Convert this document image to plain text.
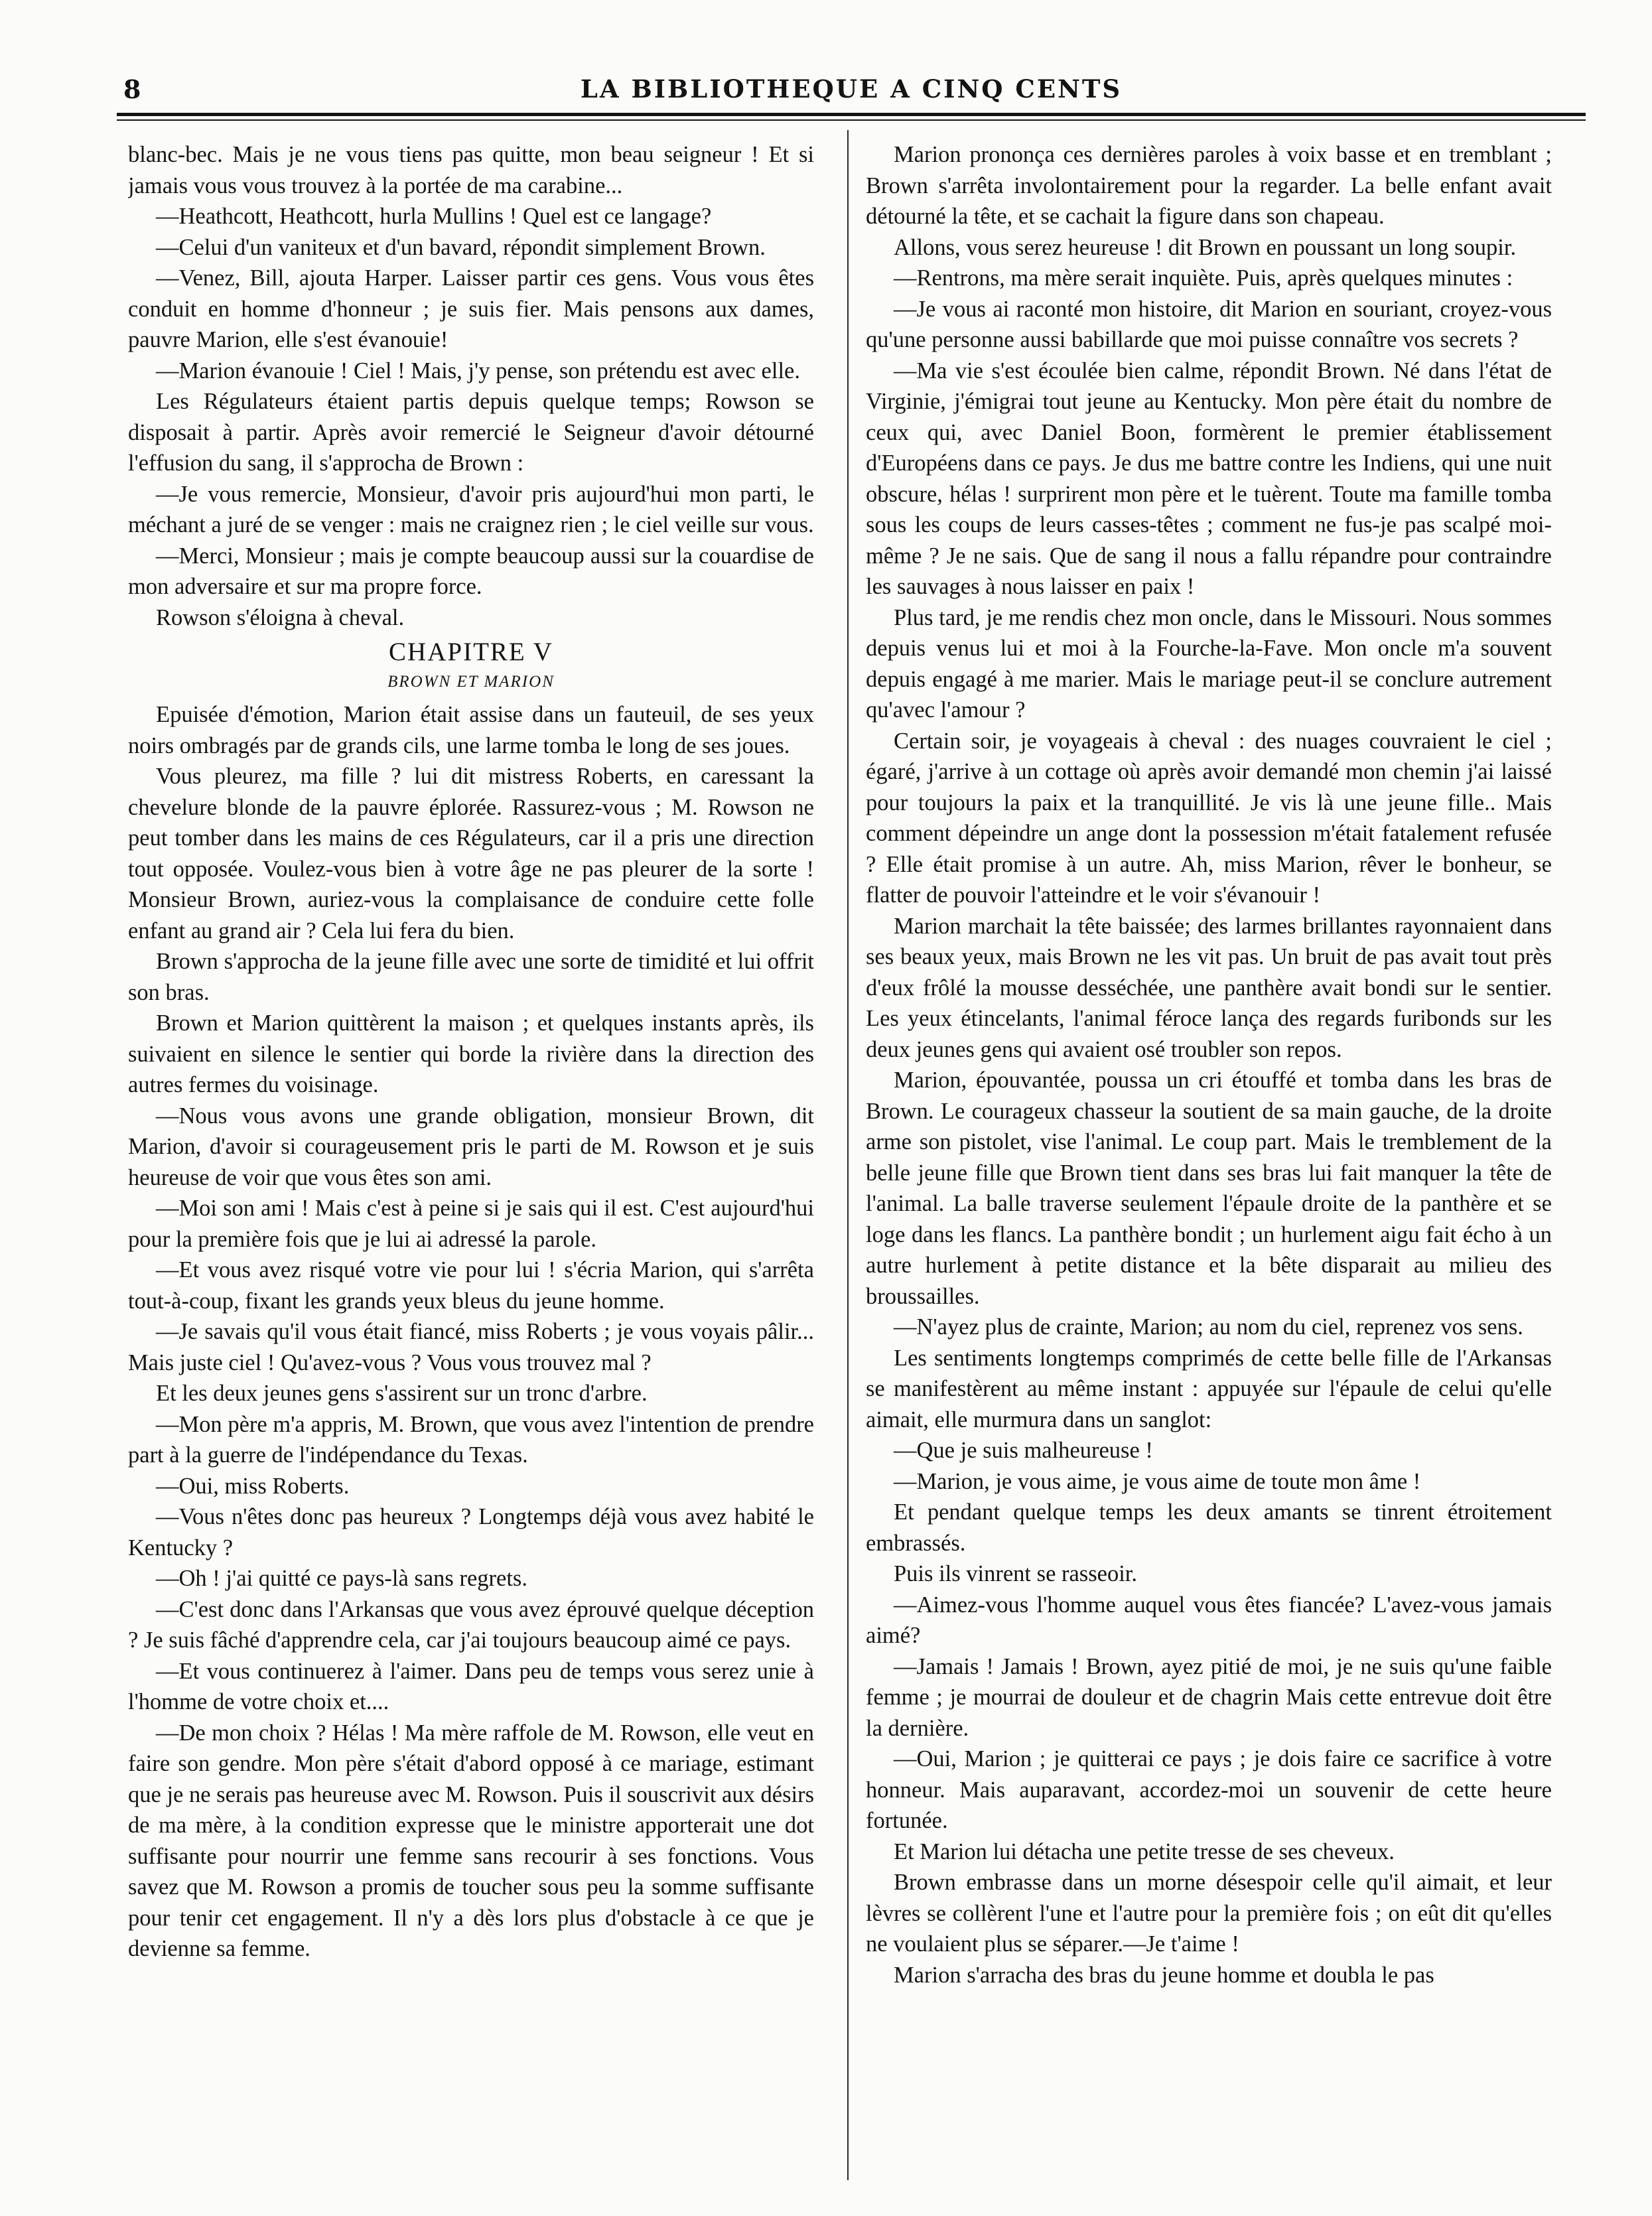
8	LA BIBLIOTHEQUE A CINQ CENTS

blanc-bec. Mais je ne vous tiens pas quitte, mon beau seigneur ! Et si jamais vous vous trouvez à la portée de ma carabine...

—Heathcott, Heathcott, hurla Mullins ! Quel est ce langage?

—Celui d'un vaniteux et d'un bavard, répondit simplement Brown.

—Venez, Bill, ajouta Harper. Laisser partir ces gens. Vous vous êtes conduit en homme d'honneur ; je suis fier. Mais pensons aux dames, pauvre Marion, elle s'est évanouie!

—Marion évanouie ! Ciel ! Mais, j'y pense, son prétendu est avec elle.

Les Régulateurs étaient partis depuis quelque temps; Rowson se disposait à partir. Après avoir remercié le Seigneur d'avoir détourné l'effusion du sang, il s'approcha de Brown :

—Je vous remercie, Monsieur, d'avoir pris aujourd'hui mon parti, le méchant a juré de se venger : mais ne craignez rien ; le ciel veille sur vous.

—Merci, Monsieur ; mais je compte beaucoup aussi sur la couardise de mon adversaire et sur ma propre force.

Rowson s'éloigna à cheval.

CHAPITRE V
BROWN ET MARION

Epuisée d'émotion, Marion était assise dans un fauteuil, de ses yeux noirs ombragés par de grands cils, une larme tomba le long de ses joues.

Vous pleurez, ma fille ? lui dit mistress Roberts, en caressant la chevelure blonde de la pauvre éplorée. Rassurez-vous ; M. Rowson ne peut tomber dans les mains de ces Régulateurs, car il a pris une direction tout opposée. Voulez-vous bien à votre âge ne pas pleurer de la sorte ! Monsieur Brown, auriez-vous la complaisance de conduire cette folle enfant au grand air ? Cela lui fera du bien.

Brown s'approcha de la jeune fille avec une sorte de timidité et lui offrit son bras.

Brown et Marion quittèrent la maison ; et quelques instants après, ils suivaient en silence le sentier qui borde la rivière dans la direction des autres fermes du voisinage.

—Nous vous avons une grande obligation, monsieur Brown, dit Marion, d'avoir si courageusement pris le parti de M. Rowson et je suis heureuse de voir que vous êtes son ami.

—Moi son ami ! Mais c'est à peine si je sais qui il est. C'est aujourd'hui pour la première fois que je lui ai adressé la parole.

—Et vous avez risqué votre vie pour lui ! s'écria Marion, qui s'arrêta tout-à-coup, fixant les grands yeux bleus du jeune homme.

—Je savais qu'il vous était fiancé, miss Roberts ; je vous voyais pâlir... Mais juste ciel ! Qu'avez-vous ? Vous vous trouvez mal ?

Et les deux jeunes gens s'assirent sur un tronc d'arbre.

—Mon père m'a appris, M. Brown, que vous avez l'intention de prendre part à la guerre de l'indépendance du Texas.

—Oui, miss Roberts.

—Vous n'êtes donc pas heureux ? Longtemps déjà vous avez habité le Kentucky ?

—Oh ! j'ai quitté ce pays-là sans regrets.

—C'est donc dans l'Arkansas que vous avez éprouvé quelque déception ? Je suis fâché d'apprendre cela, car j'ai toujours beaucoup aimé ce pays.

—Et vous continuerez à l'aimer. Dans peu de temps vous serez unie à l'homme de votre choix et....

—De mon choix ? Hélas ! Ma mère raffole de M. Rowson, elle veut en faire son gendre. Mon père s'était d'abord opposé à ce mariage, estimant que je ne serais pas heureuse avec M. Rowson. Puis il souscrivit aux désirs de ma mère, à la condition expresse que le ministre apporterait une dot suffisante pour nourrir une femme sans recourir à ses fonctions. Vous savez que M. Rowson a promis de toucher sous peu la somme suffisante pour tenir cet engagement. Il n'y a dès lors plus d'obstacle à ce que je devienne sa femme.

Marion prononça ces dernières paroles à voix basse et en tremblant ; Brown s'arrêta involontairement pour la regarder. La belle enfant avait détourné la tête, et se cachait la figure dans son chapeau.

Allons, vous serez heureuse ! dit Brown en poussant un long soupir.

—Rentrons, ma mère serait inquiète. Puis, après quelques minutes :

—Je vous ai raconté mon histoire, dit Marion en souriant, croyez-vous qu'une personne aussi babillarde que moi puisse connaître vos secrets ?

—Ma vie s'est écoulée bien calme, répondit Brown. Né dans l'état de Virginie, j'émigrai tout jeune au Kentucky. Mon père était du nombre de ceux qui, avec Daniel Boon, formèrent le premier établissement d'Européens dans ce pays. Je dus me battre contre les Indiens, qui une nuit obscure, hélas ! surprirent mon père et le tuèrent. Toute ma famille tomba sous les coups de leurs casses-têtes ; comment ne fus-je pas scalpé moi-même ? Je ne sais. Que de sang il nous a fallu répandre pour contraindre les sauvages à nous laisser en paix !

Plus tard, je me rendis chez mon oncle, dans le Missouri. Nous sommes depuis venus lui et moi à la Fourche-la-Fave. Mon oncle m'a souvent depuis engagé à me marier. Mais le mariage peut-il se conclure autrement qu'avec l'amour ?

Certain soir, je voyageais à cheval : des nuages couvraient le ciel ; égaré, j'arrive à un cottage où après avoir demandé mon chemin j'ai laissé pour toujours la paix et la tranquillité. Je vis là une jeune fille.. Mais comment dépeindre un ange dont la possession m'était fatalement refusée ? Elle était promise à un autre. Ah, miss Marion, rêver le bonheur, se flatter de pouvoir l'atteindre et le voir s'évanouir !

Marion marchait la tête baissée; des larmes brillantes rayonnaient dans ses beaux yeux, mais Brown ne les vit pas. Un bruit de pas avait tout près d'eux frôlé la mousse desséchée, une panthère avait bondi sur le sentier. Les yeux étincelants, l'animal féroce lança des regards furibonds sur les deux jeunes gens qui avaient osé troubler son repos.

Marion, épouvantée, poussa un cri étouffé et tomba dans les bras de Brown. Le courageux chasseur la soutient de sa main gauche, de la droite arme son pistolet, vise l'animal. Le coup part. Mais le tremblement de la belle jeune fille que Brown tient dans ses bras lui fait manquer la tête de l'animal. La balle traverse seulement l'épaule droite de la panthère et se loge dans les flancs. La panthère bondit ; un hurlement aigu fait écho à un autre hurlement à petite distance et la bête disparait au milieu des broussailles.

—N'ayez plus de crainte, Marion; au nom du ciel, reprenez vos sens.

Les sentiments longtemps comprimés de cette belle fille de l'Arkansas se manifestèrent au même instant : appuyée sur l'épaule de celui qu'elle aimait, elle murmura dans un sanglot:

—Que je suis malheureuse !

—Marion, je vous aime, je vous aime de toute mon âme !

Et pendant quelque temps les deux amants se tinrent étroitement embrassés.

Puis ils vinrent se rasseoir.

—Aimez-vous l'homme auquel vous êtes fiancée? L'avez-vous jamais aimé?

—Jamais ! Jamais ! Brown, ayez pitié de moi, je ne suis qu'une faible femme ; je mourrai de douleur et de chagrin Mais cette entrevue doit être la dernière.

—Oui, Marion ; je quitterai ce pays ; je dois faire ce sacrifice à votre honneur. Mais auparavant, accordez-moi un souvenir de cette heure fortunée.

Et Marion lui détacha une petite tresse de ses cheveux.

Brown embrasse dans un morne désespoir celle qu'il aimait, et leur lèvres se collèrent l'une et l'autre pour la première fois ; on eût dit qu'elles ne voulaient plus se séparer.—Je t'aime !

Marion s'arracha des bras du jeune homme et doubla le pas
